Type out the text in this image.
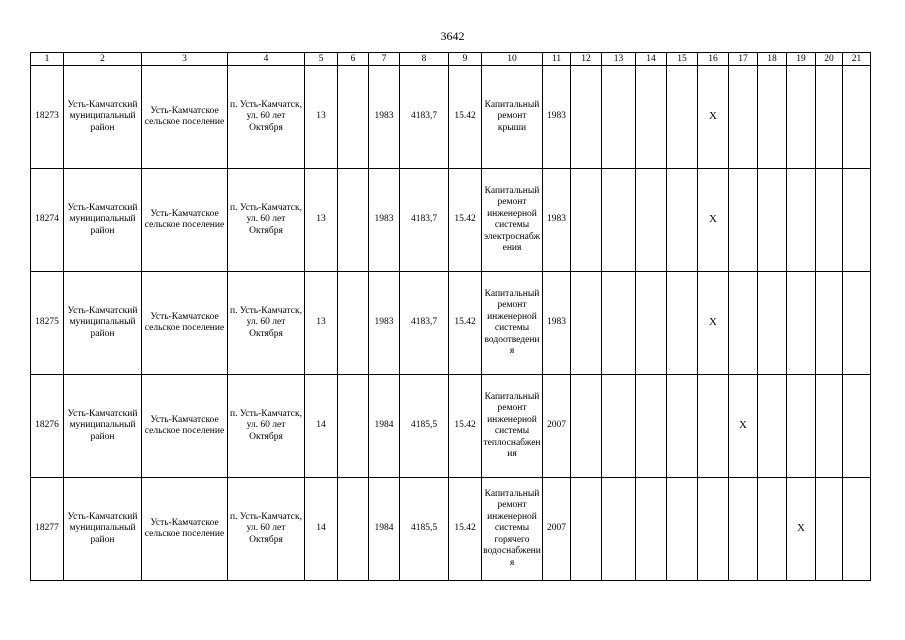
3642
1	2	3	4	5	6	7	8	9	10	11	12	13	14	15	16	17	18	19	20	21
18273	Усть-Камчатский муниципальный район	Усть-Камчатское сельское поселение	п. Усть-Камчатск, ул. 60 лет Октября	13		1983	4183,7	15.42	Капитальный ремонт крыши	1983					X					
18274	Усть-Камчатский муниципальный район	Усть-Камчатское сельское поселение	п. Усть-Камчатск, ул. 60 лет Октября	13		1983	4183,7	15.42	Капитальный ремонт инженерной системы электроснабжения	1983					X					
18275	Усть-Камчатский муниципальный район	Усть-Камчатское сельское поселение	п. Усть-Камчатск, ул. 60 лет Октября	13		1983	4183,7	15.42	Капитальный ремонт инженерной системы водоотведения	1983					X					
18276	Усть-Камчатский муниципальный район	Усть-Камчатское сельское поселение	п. Усть-Камчатск, ул. 60 лет Октября	14		1984	4185,5	15.42	Капитальный ремонт инженерной системы теплоснабжения	2007						X				
18277	Усть-Камчатский муниципальный район	Усть-Камчатское сельское поселение	п. Усть-Камчатск, ул. 60 лет Октября	14		1984	4185,5	15.42	Капитальный ремонт инженерной системы горячего водоснабжения	2007								X		
